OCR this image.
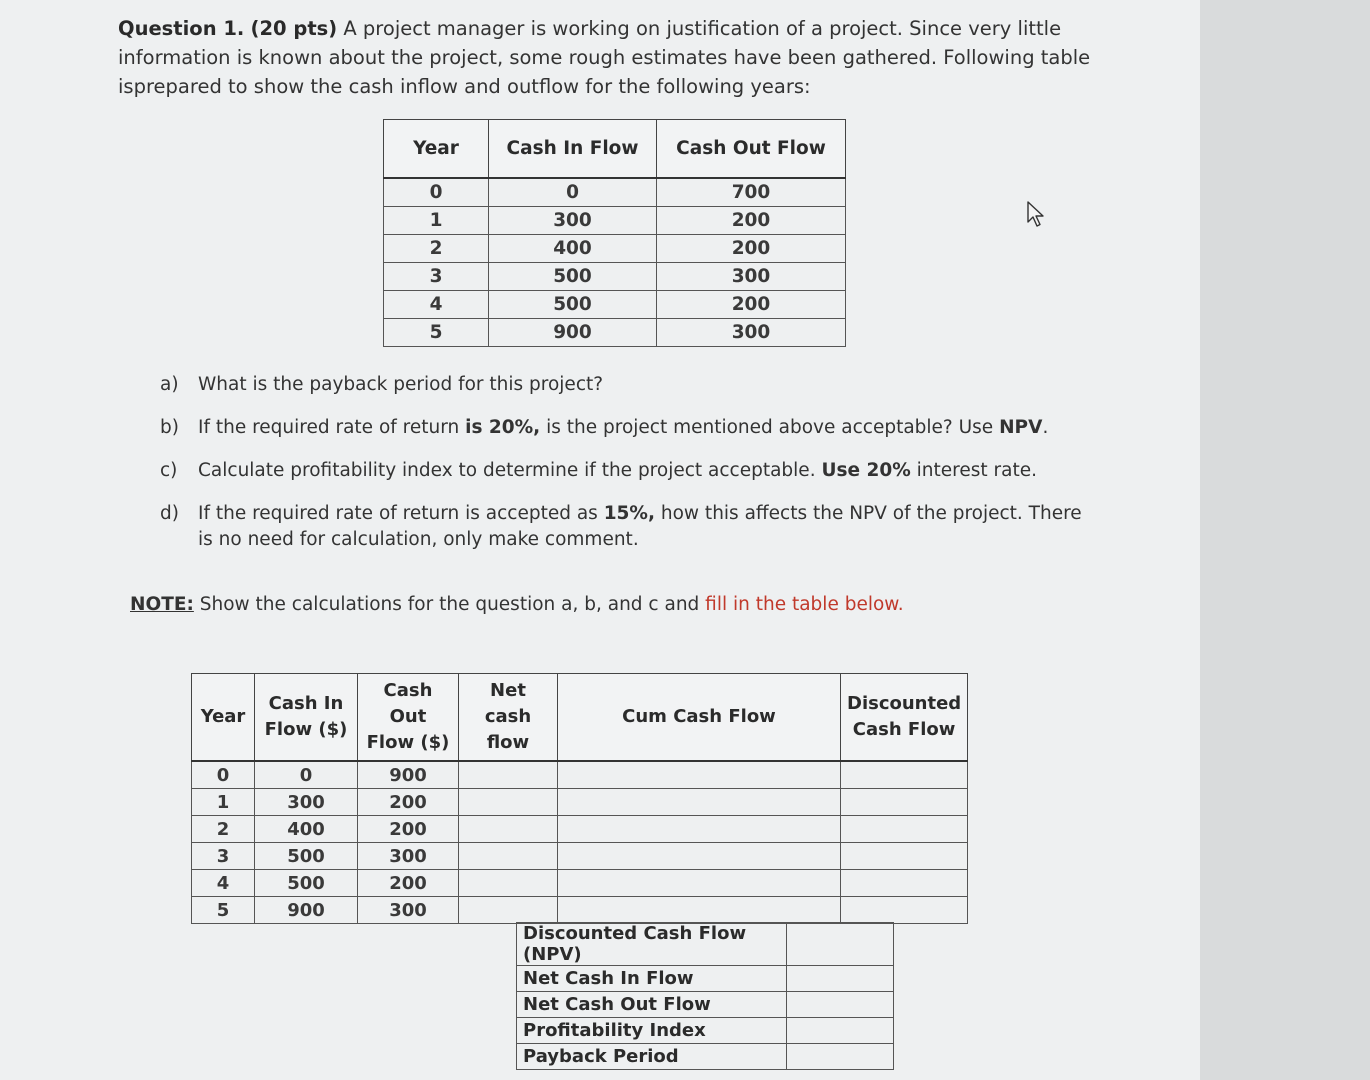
Question 1. (20 pts) A project manager is working on justification of a project. Since very little information is known about the project, some rough estimates have been gathered. Following table isprepared to show the cash inflow and outflow for the following years:
Year	Cash In Flow	Cash Out Flow
0	0	700
1	300	200
2	400	200
3	500	300
4	500	200
5	900	300
a)	What is the payback period for this project?
b)	If the required rate of return is 20%, is the project mentioned above acceptable? Use NPV.
c)	Calculate profitability index to determine if the project acceptable. Use 20% interest rate.
d)	If the required rate of return is accepted as 15%, how this affects the NPV of the project. There is no need for calculation, only make comment.
NOTE: Show the calculations for the question a, b, and c and fill in the table below.
Year	Cash In Flow ($)	Cash Out Flow ($)	Net cash flow	Cum Cash Flow	Discounted Cash Flow
0	0	900			
1	300	200			
2	400	200			
3	500	300			
4	500	200			
5	900	300			
Discounted Cash Flow (NPV)	
Net Cash In Flow	
Net Cash Out Flow	
Profitability Index	
Payback Period	
